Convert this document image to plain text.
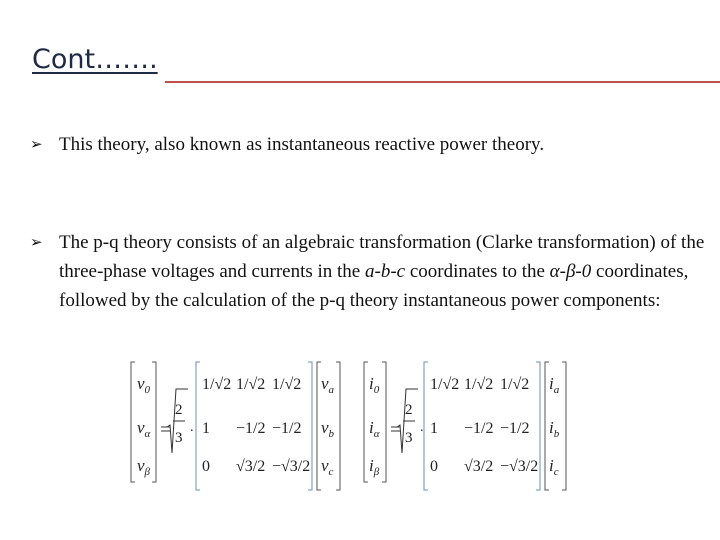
Cont…….
➢ This theory, also known as instantaneous reactive power theory.
➢ The p-q theory consists of an algebraic transformation (Clarke transformation) of the three-phase voltages and currents in the a-b-c coordinates to the α-β-0 coordinates, followed by the calculation of the p-q theory instantaneous power components:
$v_0$
$v_\alpha$
$v_\beta$
2
3
.
1/√2 1/√2 1/√2
1 −1/2 −1/2
0 √3/2 −√3/2
$v_a$
$v_b$
$v_c$
$i_0$
$i_\alpha$
$i_\beta$
2
3
.
1/√2 1/√2 1/√2
1 −1/2 −1/2
0 √3/2 −√3/2
$i_a$
$i_b$
$i_c$
